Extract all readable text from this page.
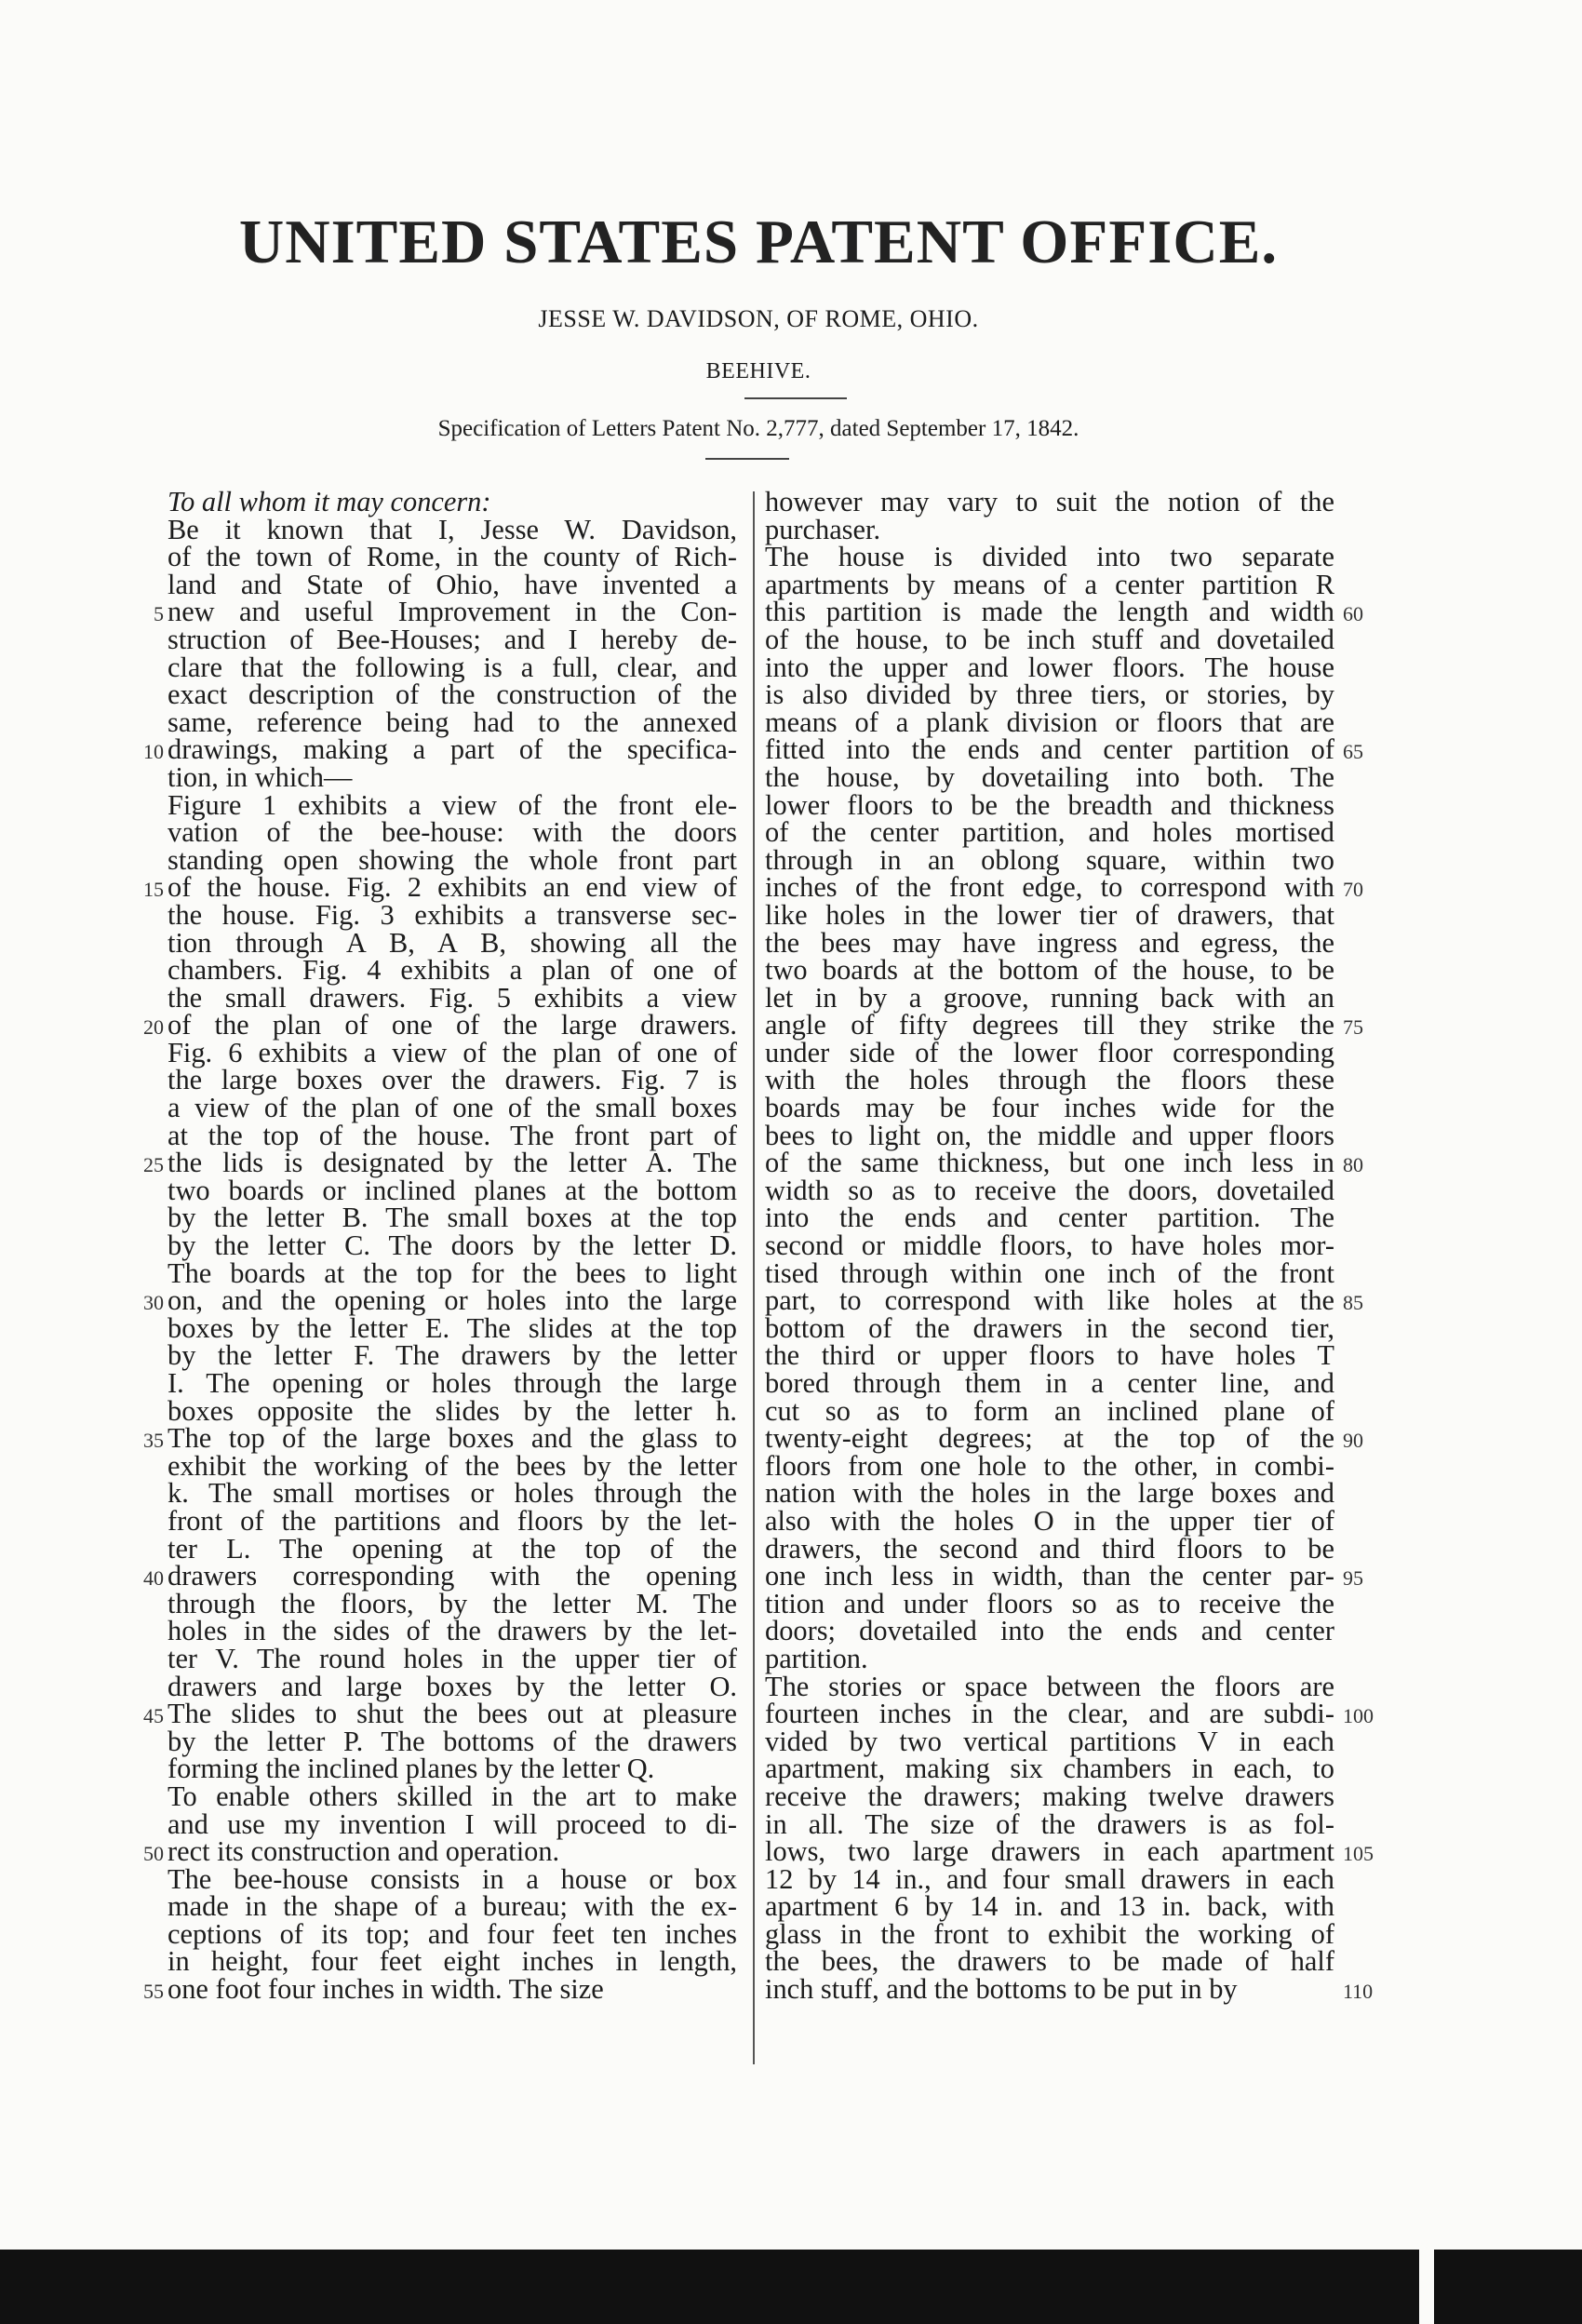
UNITED STATES PATENT OFFICE.
JESSE W. DAVIDSON, OF ROME, OHIO.
BEEHIVE.
Specification of Letters Patent No. 2,777, dated September 17, 1842.
To all whom it may concern:
Be it known that I, Jesse W. Davidson,
of the town of Rome, in the county of Rich-
land and State of Ohio, have invented a
new and useful Improvement in the Con-
struction of Bee-Houses; and I hereby de-
clare that the following is a full, clear, and
exact description of the construction of the
same, reference being had to the annexed
drawings, making a part of the specifica-
tion, in which—
Figure 1 exhibits a view of the front ele-
vation of the bee-house: with the doors
standing open showing the whole front part
of the house. Fig. 2 exhibits an end view of
the house. Fig. 3 exhibits a transverse sec-
tion through A B, A B, showing all the
chambers. Fig. 4 exhibits a plan of one of
the small drawers. Fig. 5 exhibits a view
of the plan of one of the large drawers.
Fig. 6 exhibits a view of the plan of one of
the large boxes over the drawers. Fig. 7 is
a view of the plan of one of the small boxes
at the top of the house. The front part of
the lids is designated by the letter A. The
two boards or inclined planes at the bottom
by the letter B. The small boxes at the top
by the letter C. The doors by the letter D.
The boards at the top for the bees to light
on, and the opening or holes into the large
boxes by the letter E. The slides at the top
by the letter F. The drawers by the letter
I. The opening or holes through the large
boxes opposite the slides by the letter h.
The top of the large boxes and the glass to
exhibit the working of the bees by the letter
k. The small mortises or holes through the
front of the partitions and floors by the let-
ter L. The opening at the top of the
drawers corresponding with the opening
through the floors, by the letter M. The
holes in the sides of the drawers by the let-
ter V. The round holes in the upper tier of
drawers and large boxes by the letter O.
The slides to shut the bees out at pleasure
by the letter P. The bottoms of the drawers
forming the inclined planes by the letter Q.
To enable others skilled in the art to make
and use my invention I will proceed to di-
rect its construction and operation.
The bee-house consists in a house or box
made in the shape of a bureau; with the ex-
ceptions of its top; and four feet ten inches
in height, four feet eight inches in length,
one foot four inches in width. The size
however may vary to suit the notion of the
purchaser.
The house is divided into two separate
apartments by means of a center partition R
this partition is made the length and width
of the house, to be inch stuff and dovetailed
into the upper and lower floors. The house
is also divided by three tiers, or stories, by
means of a plank division or floors that are
fitted into the ends and center partition of
the house, by dovetailing into both. The
lower floors to be the breadth and thickness
of the center partition, and holes mortised
through in an oblong square, within two
inches of the front edge, to correspond with
like holes in the lower tier of drawers, that
the bees may have ingress and egress, the
two boards at the bottom of the house, to be
let in by a groove, running back with an
angle of fifty degrees till they strike the
under side of the lower floor corresponding
with the holes through the floors these
boards may be four inches wide for the
bees to light on, the middle and upper floors
of the same thickness, but one inch less in
width so as to receive the doors, dovetailed
into the ends and center partition. The
second or middle floors, to have holes mor-
tised through within one inch of the front
part, to correspond with like holes at the
bottom of the drawers in the second tier,
the third or upper floors to have holes T
bored through them in a center line, and
cut so as to form an inclined plane of
twenty-eight degrees; at the top of the
floors from one hole to the other, in combi-
nation with the holes in the large boxes and
also with the holes O in the upper tier of
drawers, the second and third floors to be
one inch less in width, than the center par-
tition and under floors so as to receive the
doors; dovetailed into the ends and center
partition.
The stories or space between the floors are
fourteen inches in the clear, and are subdi-
vided by two vertical partitions V in each
apartment, making six chambers in each, to
receive the drawers; making twelve drawers
in all. The size of the drawers is as fol-
lows, two large drawers in each apartment
12 by 14 in., and four small drawers in each
apartment 6 by 14 in. and 13 in. back, with
glass in the front to exhibit the working of
the bees, the drawers to be made of half
inch stuff, and the bottoms to be put in by
5
10
15
20
25
30
35
40
45
50
55
60
65
70
75
80
85
90
95
100
105
110
